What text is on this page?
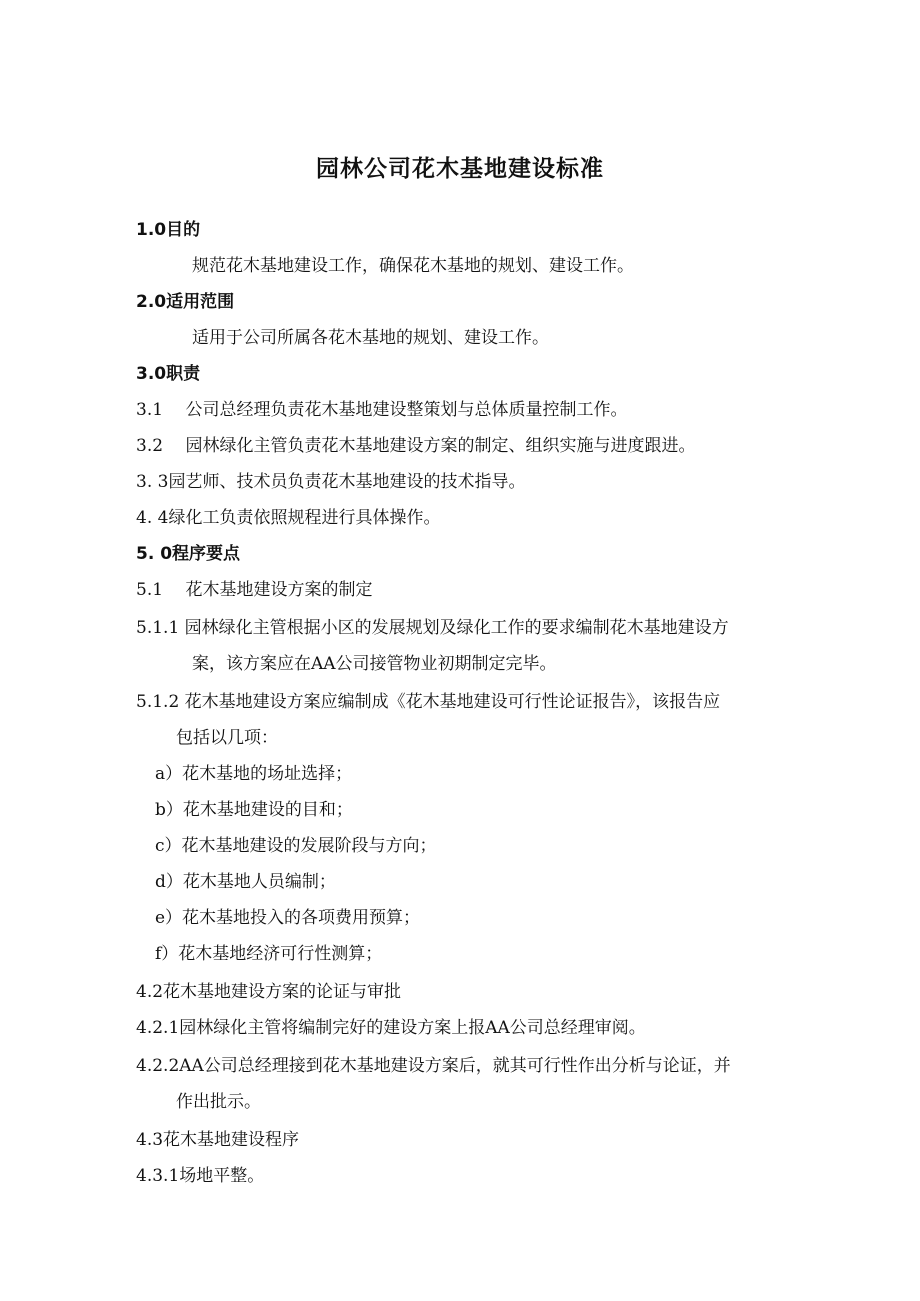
园林公司花木基地建设标准
1.0目的
规范花木基地建设工作，确保花木基地的规划、建设工作。
2.0适用范围
适用于公司所属各花木基地的规划、建设工作。
3.0职责
3.1　 公司总经理负责花木基地建设整策划与总体质量控制工作。
3.2　 园林绿化主管负责花木基地建设方案的制定、组织实施与进度跟进。
3. 3园艺师、技术员负责花木基地建设的技术指导。
4. 4绿化工负责依照规程进行具体操作。
5. 0程序要点
5.1　 花木基地建设方案的制定
5.1.1 园林绿化主管根据小区的发展规划及绿化工作的要求编制花木基地建设方
案，该方案应在AA公司接管物业初期制定完毕。
5.1.2 花木基地建设方案应编制成《花木基地建设可行性论证报告》，该报告应
包括以几项：
a）花木基地的场址选择；
b）花木基地建设的目和；
c）花木基地建设的发展阶段与方向；
d）花木基地人员编制；
e）花木基地投入的各项费用预算；
f）花木基地经济可行性测算；
4.2花木基地建设方案的论证与审批
4.2.1园林绿化主管将编制完好的建设方案上报AA公司总经理审阅。
4.2.2AA公司总经理接到花木基地建设方案后，就其可行性作出分析与论证，并
作出批示。
4.3花木基地建设程序
4.3.1场地平整。
